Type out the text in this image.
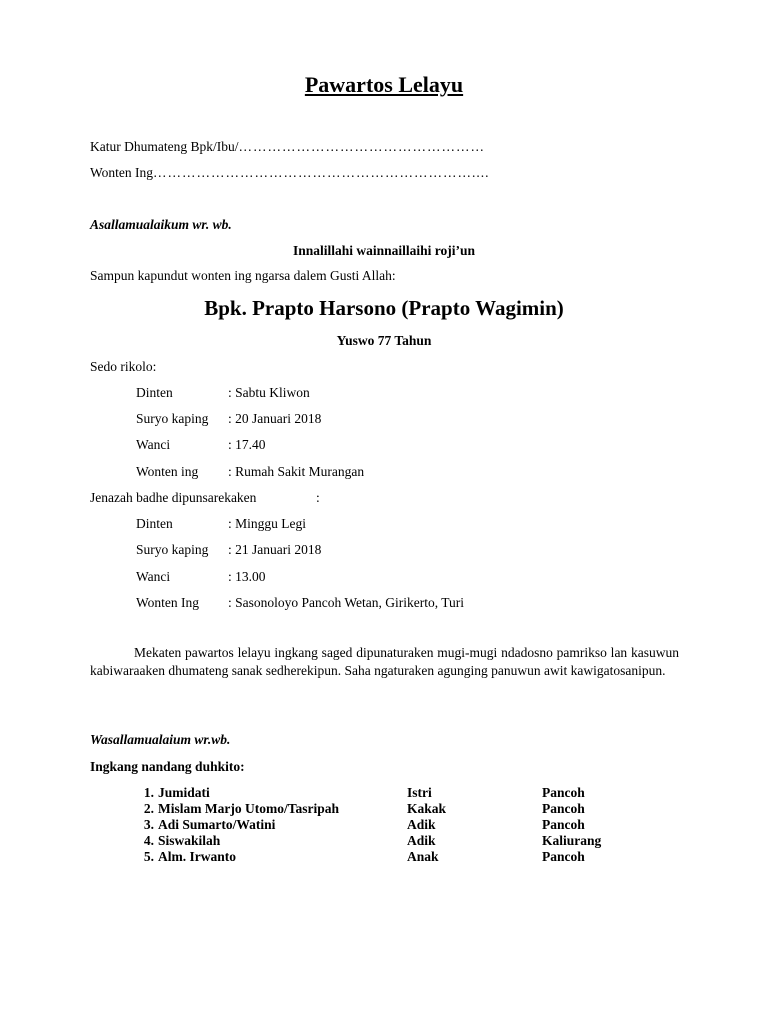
Pawartos Lelayu
Katur Dhumateng Bpk/Ibu/……………………………………………
Wonten Ing…………………………………………………………....
Asallamualaikum wr. wb.
Innalillahi wainnaillaihi roji’un
Sampun kapundut wonten ing ngarsa dalem Gusti Allah:
Bpk. Prapto Harsono (Prapto Wagimin)
Yuswo 77 Tahun
Sedo rikolo:
Dinten	: Sabtu Kliwon
Suryo kaping : 20 Januari 2018
Wanci	: 17.40
Wonten ing : Rumah Sakit Murangan
Jenazah badhe dipunsarekaken	:
Dinten	: Minggu Legi
Suryo kaping : 21 Januari 2018
Wanci	: 13.00
Wonten Ing : Sasonoloyo Pancoh Wetan, Girikerto, Turi
Mekaten pawartos lelayu ingkang saged dipunaturaken mugi-mugi ndadosno pamrikso lan kasuwun kabiwaraaken dhumateng sanak sedherekipun. Saha ngaturaken agunging panuwun awit kawigatosanipun.
Wasallamualaium wr.wb.
Ingkang nandang duhkito:
1. Jumidati	Istri	Pancoh
2. Mislam Marjo Utomo/Tasripah	Kakak	Pancoh
3. Adi Sumarto/Watini	Adik	Pancoh
4. Siswakilah	Adik	Kaliurang
5. Alm. Irwanto	Anak	Pancoh
